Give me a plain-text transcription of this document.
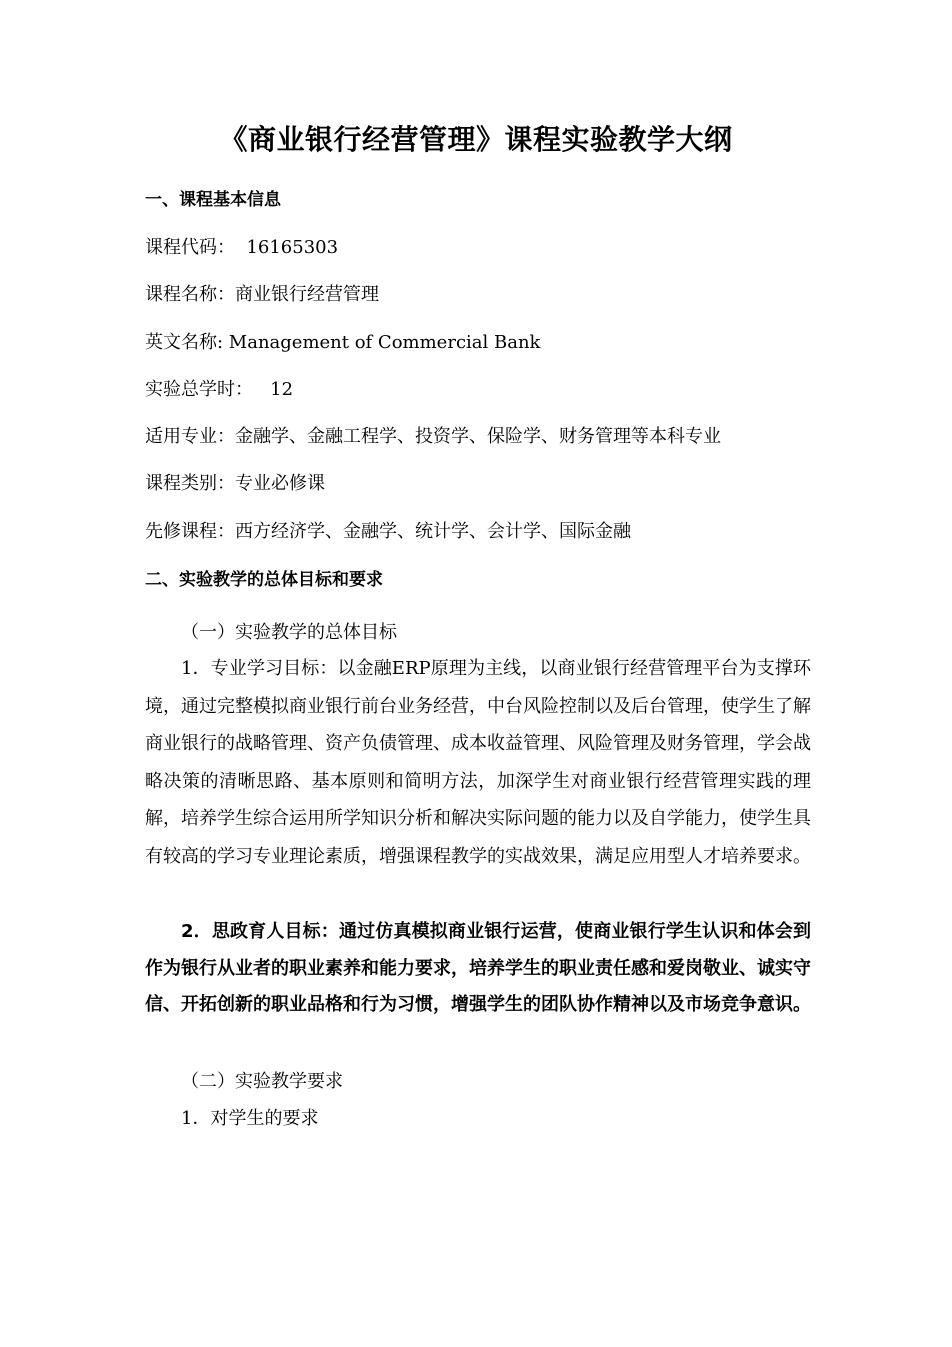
《商业银行经营管理》课程实验教学大纲
一、课程基本信息
课程代码：  16165303
课程名称：商业银行经营管理
英文名称: Management of Commercial Bank
实验总学时：   12
适用专业：金融学、金融工程学、投资学、保险学、财务管理等本科专业
课程类别：专业必修课
先修课程：西方经济学、金融学、统计学、会计学、国际金融
二、实验教学的总体目标和要求
（一）实验教学的总体目标
1．专业学习目标：以金融ERP原理为主线，以商业银行经营管理平台为支撑环境，通过完整模拟商业银行前台业务经营，中台风险控制以及后台管理，使学生了解商业银行的战略管理、资产负债管理、成本收益管理、风险管理及财务管理，学会战略决策的清晰思路、基本原则和简明方法，加深学生对商业银行经营管理实践的理解，培养学生综合运用所学知识分析和解决实际问题的能力以及自学能力，使学生具有较高的学习专业理论素质，增强课程教学的实战效果，满足应用型人才培养要求。
2．思政育人目标：通过仿真模拟商业银行运营，使商业银行学生认识和体会到作为银行从业者的职业素养和能力要求，培养学生的职业责任感和爱岗敬业、诚实守信、开拓创新的职业品格和行为习惯，增强学生的团队协作精神以及市场竞争意识。
（二）实验教学要求
1．对学生的要求
